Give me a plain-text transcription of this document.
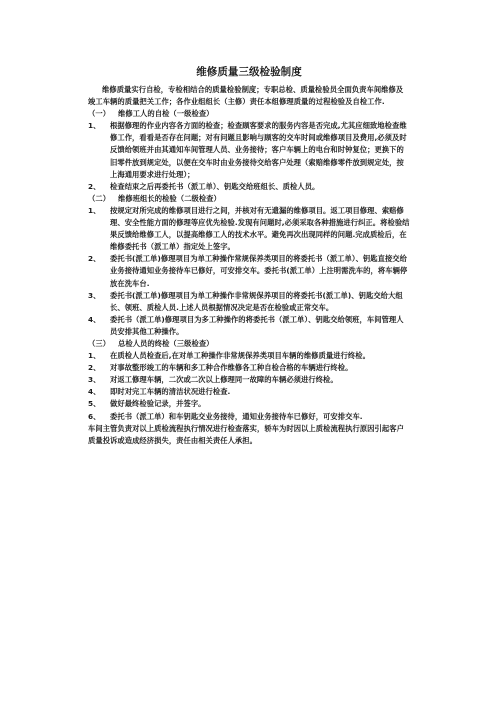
维修质量三级检验制度

维修质量实行自检，专检相结合的质量检验制度；专职总检、质量检验员全面负责车间维修及竣工车辆的质量把关工作；各作业组组长（主修）责任本组修理质量的过程检验及自检工作.

（一）	维修工人的自检（一级检查）
1、	根据修理的作业内容各方面的检查；检查顾客要求的服务内容是否完成,尤其应细致地检查维修工作，看看是否存在问题；对有问题且影响与顾客的交车时间或维修项目及费用,必须及时反馈给领班并由其通知车间管理人员、业务接待；客户车辆上的电台和时钟复位；更换下的旧零件放到规定处，以便在交车时由业务接待交给客户处理（索赔维修零件放到规定处，按上海通用要求进行处理）；
2、	检查结束之后再委托书（派工单）、钥匙交给班组长、质检人员。
（二）	维修班组长的检验（二级检查）
1、	按规定对所完成的维修项目进行之间，并核对有无遗漏的维修项目。返工项目修理、索赔修理、安全性能方面的修理等应优先检验.发现有问题时,必须采取各种措施进行纠正。将检验结果反馈给维修工人，以提高维修工人的技术水平。避免再次出现同样的问题.完成质检后，在维修委托书（派工单）指定处上签字。
2、	委托书(派工单)修理项目为单工种操作常规保养类项目的将委托书（派工单）、钥匙直接交给业务接待通知业务接待车已修好，可安排交车。委托书(派工单）上注明需洗车的，将车辆停放在洗车台.
3、	委托书(派工单)修理项目为单工种操作非常规保养项目的将委托书(派工单)、钥匙交给大组长、领班、质检人员.上述人员根据情况决定是否在检验或正常交车。
4、	委托书（派工单)修理项目为多工种操作的将委托书（派工单）、钥匙交给领班，车间管理人员安排其他工种操作。
（三）	总检人员的终检（三级检查）
1、	在质检人员检查后,在对单工种操作非常规保养类项目车辆的维修质量进行终检。
2、	对事故整形竣工的车辆和多工种合作维修各工种自检合格的车辆进行终检。
3、	对返工修理车辆，二次或二次以上修理同一故障的车辆必须进行终检。
4、	即时对完工车辆的清洁状况进行检查.
5、	做好最终检验记录，并签字。
6、	委托书（派工单）和车钥匙交业务接待，通知业务接待车已修好，可安排交车.

车间主管负责对以上质检流程执行情况进行检查落实，轿车为时因以上质检流程执行原因引起客户质量投诉或造成经济损失，责任由相关责任人承担。
